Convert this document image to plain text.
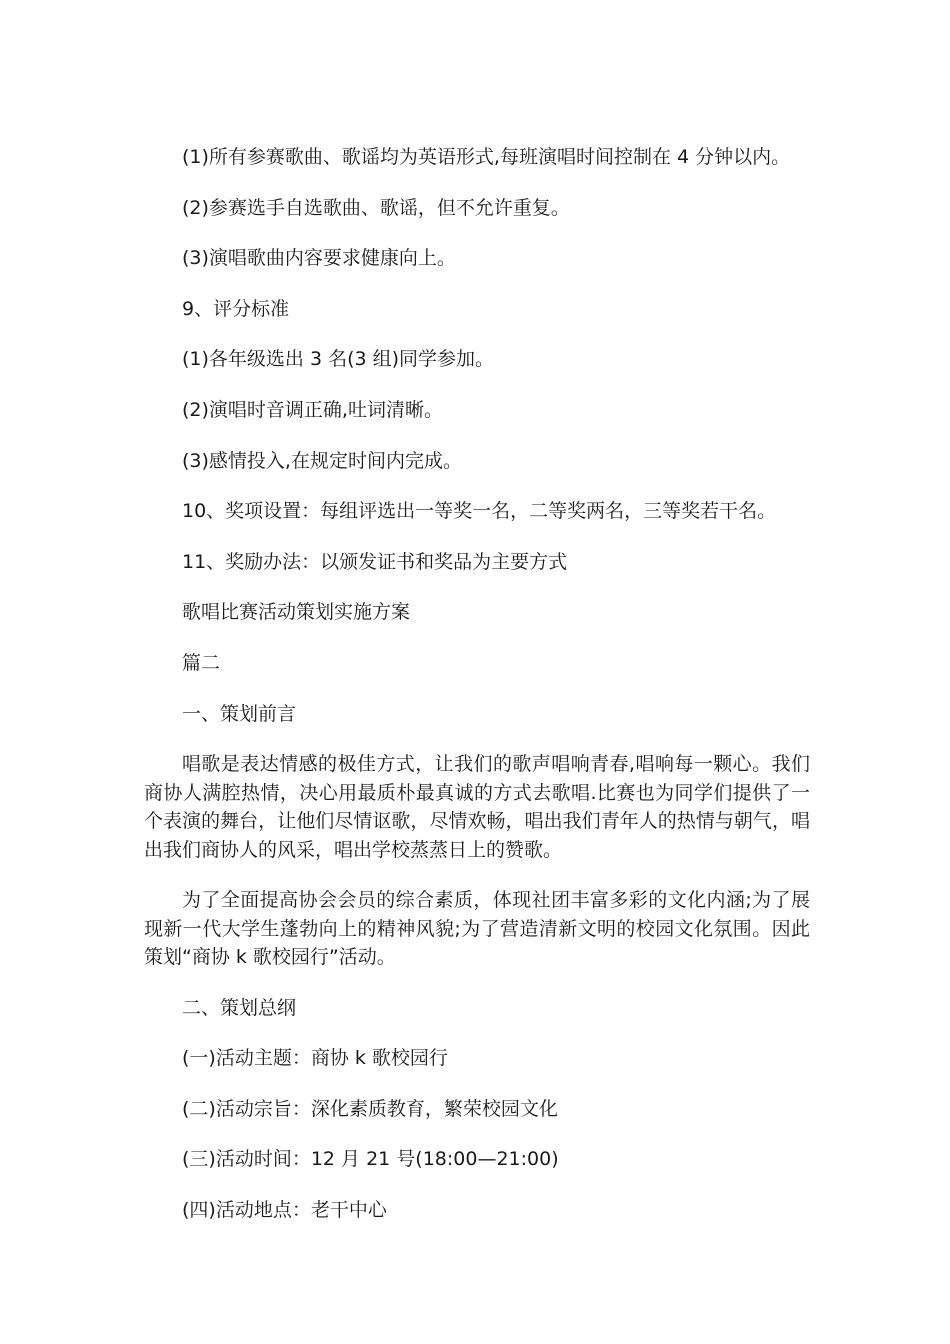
(1)所有参赛歌曲、歌谣均为英语形式,每班演唱时间控制在 4 分钟以内。
(2)参赛选手自选歌曲、歌谣，但不允许重复。
(3)演唱歌曲内容要求健康向上。
9、评分标准
(1)各年级选出 3 名(3 组)同学参加。
(2)演唱时音调正确,吐词清晰。
(3)感情投入,在规定时间内完成。
10、奖项设置：每组评选出一等奖一名，二等奖两名，三等奖若干名。
11、奖励办法：以颁发证书和奖品为主要方式
歌唱比赛活动策划实施方案
篇二
一、策划前言

唱歌是表达情感的极佳方式，让我们的歌声唱响青春,唱响每一颗心。我们商协人满腔热情，决心用最质朴最真诚的方式去歌唱.比赛也为同学们提供了一个表演的舞台，让他们尽情讴歌，尽情欢畅，唱出我们青年人的热情与朝气，唱出我们商协人的风采，唱出学校蒸蒸日上的赞歌。

为了全面提高协会会员的综合素质，体现社团丰富多彩的文化内涵;为了展现新一代大学生蓬勃向上的精神风貌;为了营造清新文明的校园文化氛围。因此策划“商协 k 歌校园行”活动。

二、策划总纲
(一)活动主题：商协 k 歌校园行
(二)活动宗旨：深化素质教育，繁荣校园文化
(三)活动时间：12 月 21 号(18:00—21:00)
(四)活动地点：老干中心
